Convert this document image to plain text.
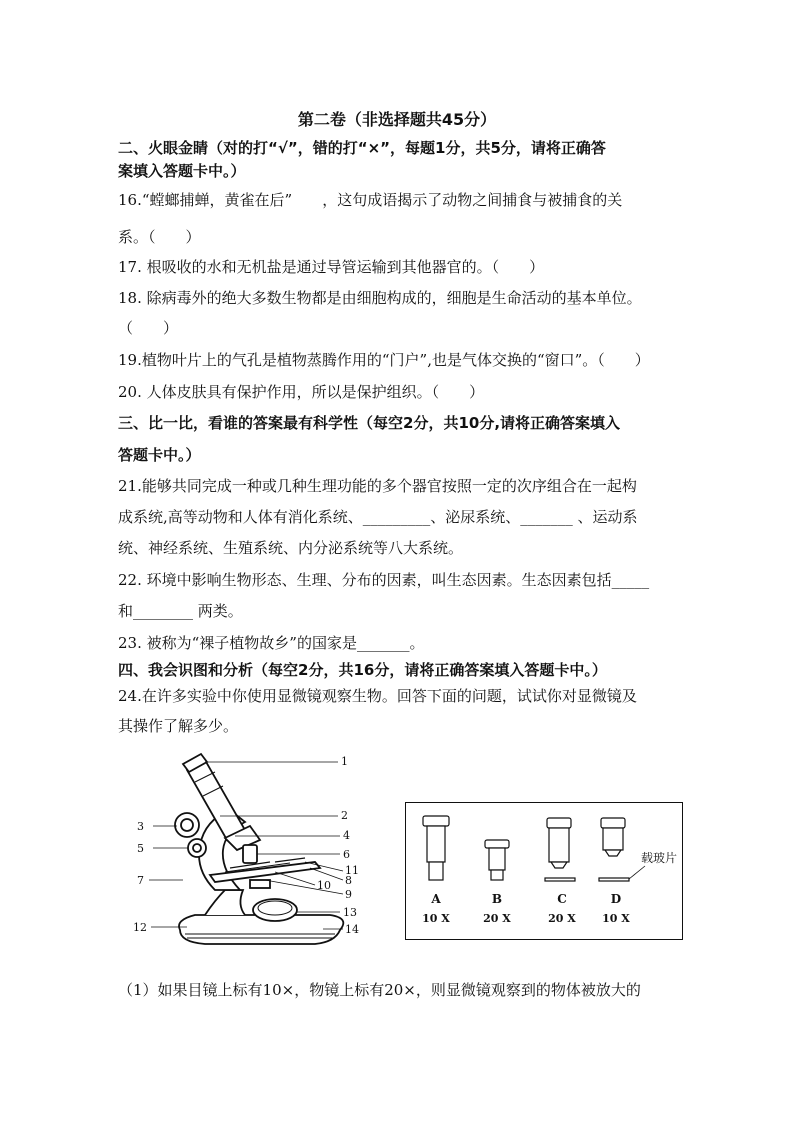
第二卷（非选择题共45分）
二、火眼金睛（对的打“√”，错的打“×”，每题1分，共5分，请将正确答
案填入答题卡中。）
16.“螳螂捕蝉，黄雀在后”　　，这句成语揭示了动物之间捕食与被捕食的关
系。（　　）
17. 根吸收的水和无机盐是通过导管运输到其他器官的。（　　）
18. 除病毒外的绝大多数生物都是由细胞构成的，细胞是生命活动的基本单位。
（　　）
19.植物叶片上的气孔是植物蒸腾作用的“门户”,也是气体交换的“窗口”。（　　）
20. 人体皮肤具有保护作用，所以是保护组织。（　　）
三、比一比，看谁的答案最有科学性（每空2分，共10分,请将正确答案填入
答题卡中。）
21.能够共同完成一种或几种生理功能的多个器官按照一定的次序组合在一起构
成系统,高等动物和人体有消化系统、_________、泌尿系统、_______ 、运动系
统、神经系统、生殖系统、内分泌系统等八大系统。
22. 环境中影响生物形态、生理、分布的因素，叫生态因素。生态因素包括_____
和________ 两类。
23. 被称为“裸子植物故乡”的国家是_______。
四、我会识图和分析（每空2分，共16分，请将正确答案填入答题卡中。）
24.在许多实验中你使用显微镜观察生物。回答下面的问题，试试你对显微镜及
其操作了解多少。
1
2
3
4
5	6
7	8
9
10
11
12
13
14
载玻片
A	B	C	D
10 X	20 X	20 X 10 X
（1）如果目镜上标有10×，物镜上标有20×，则显微镜观察到的物体被放大的
